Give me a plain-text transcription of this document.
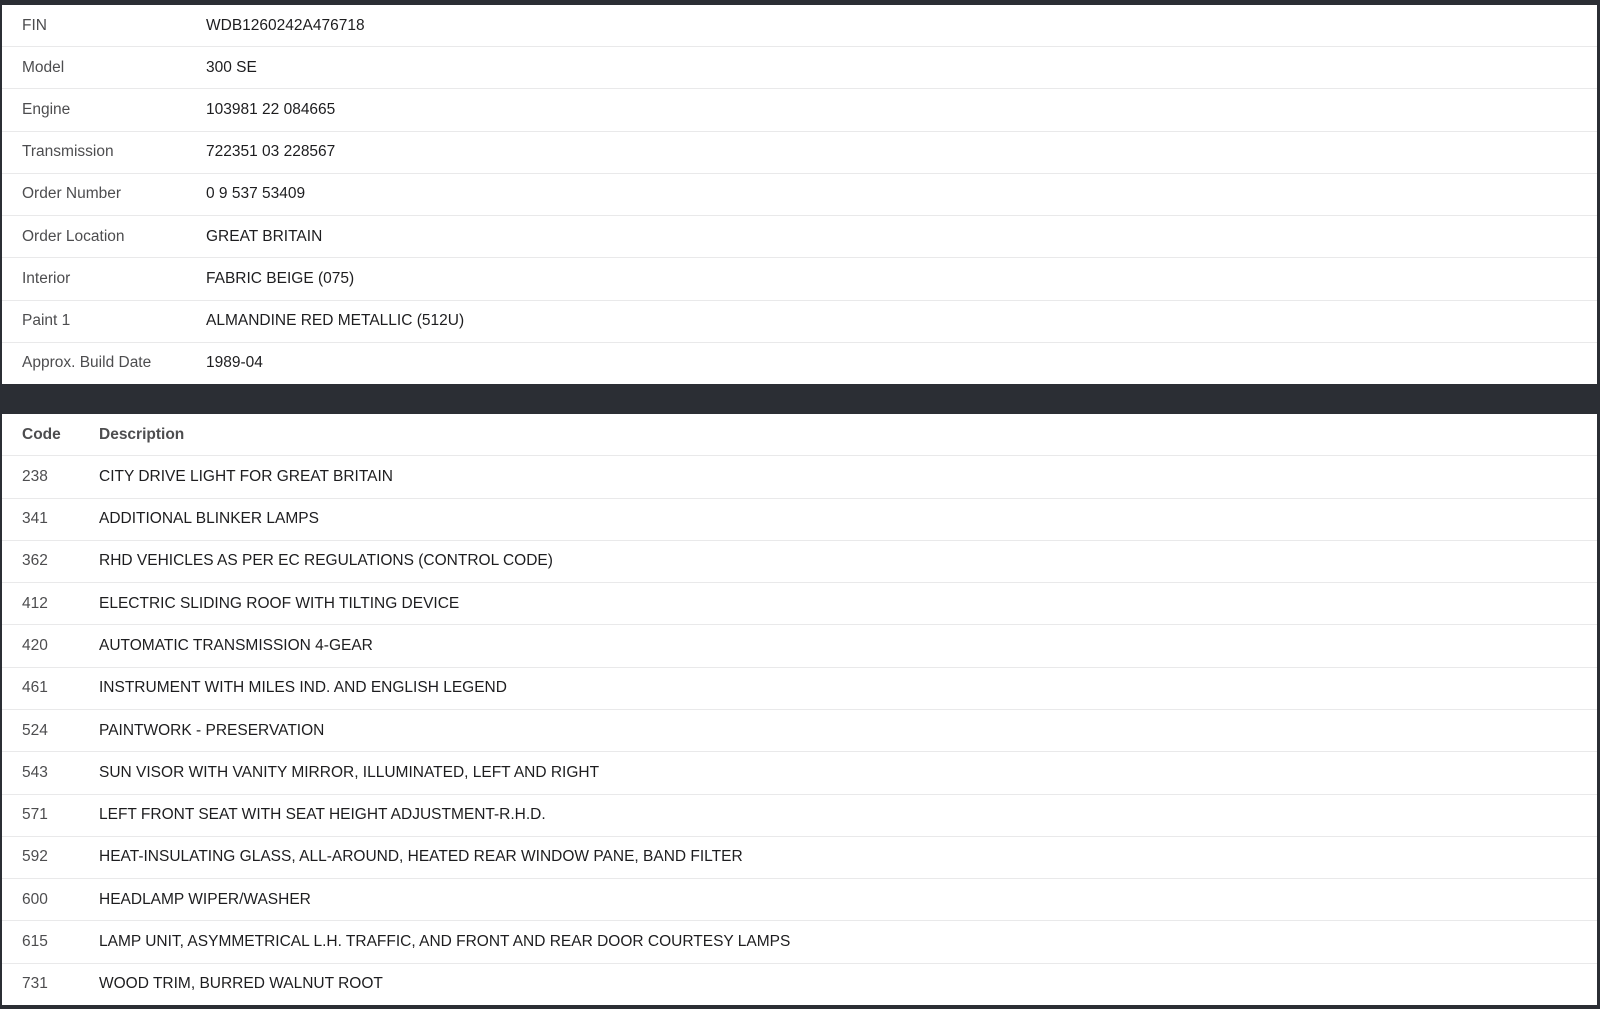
FIN	WDB1260242A476718
Model	300 SE
Engine	103981 22 084665
Transmission	722351 03 228567
Order Number	0 9 537 53409
Order Location	GREAT BRITAIN
Interior	FABRIC BEIGE (075)
Paint 1	ALMANDINE RED METALLIC (512U)
Approx. Build Date	1989-04
Code	Description
238	CITY DRIVE LIGHT FOR GREAT BRITAIN
341	ADDITIONAL BLINKER LAMPS
362	RHD VEHICLES AS PER EC REGULATIONS (CONTROL CODE)
412	ELECTRIC SLIDING ROOF WITH TILTING DEVICE
420	AUTOMATIC TRANSMISSION 4-GEAR
461	INSTRUMENT WITH MILES IND. AND ENGLISH LEGEND
524	PAINTWORK - PRESERVATION
543	SUN VISOR WITH VANITY MIRROR, ILLUMINATED, LEFT AND RIGHT
571	LEFT FRONT SEAT WITH SEAT HEIGHT ADJUSTMENT-R.H.D.
592	HEAT-INSULATING GLASS, ALL-AROUND, HEATED REAR WINDOW PANE, BAND FILTER
600	HEADLAMP WIPER/WASHER
615	LAMP UNIT, ASYMMETRICAL L.H. TRAFFIC, AND FRONT AND REAR DOOR COURTESY LAMPS
731	WOOD TRIM, BURRED WALNUT ROOT
